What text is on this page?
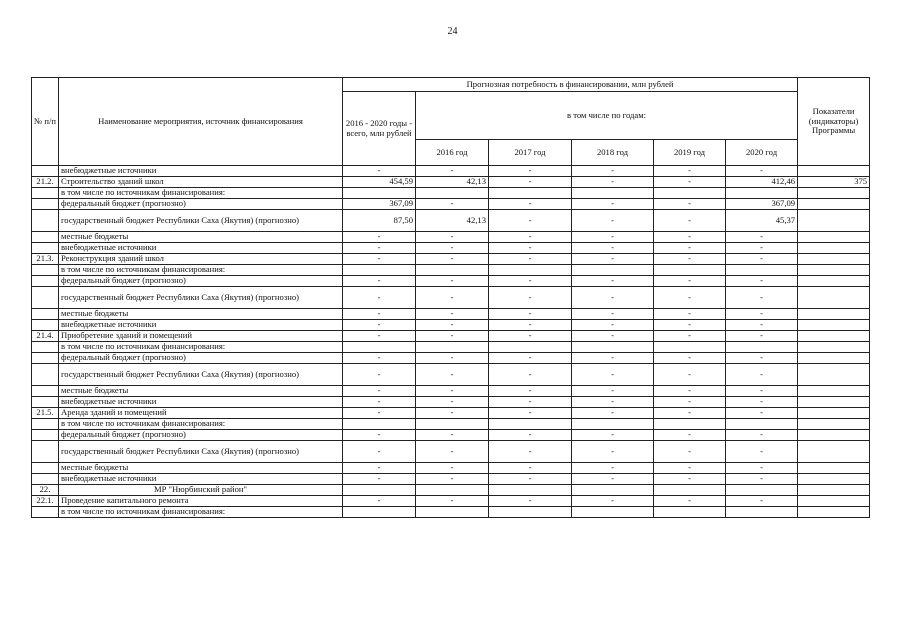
24
№ п/п	Наименование мероприятия, источник финансирования	Прогнозная потребность в финансировании, млн рублей						Показатели (индикаторы) Программы
		2016 - 2020 годы - всего, млн рублей	в том числе по годам:					
			2016 год	2017 год	2018 год	2019 год	2020 год	
	внебюджетные источники	-	-	-	-	-	-	
21.2.	Строительство зданий школ	454,59	42,13	-	-	-	412,46	375
	в том числе по источникам финансирования:							
	федеральный бюджет (прогнозно)	367,09	-	-	-	-	367,09	
	государственный бюджет Республики Саха (Якутия) (прогнозно)	87,50	42,13	-	-	-	45,37	
	местные бюджеты	-	-	-	-	-	-	
	внебюджетные источники	-	-	-	-	-	-	
21.3.	Реконструкция зданий школ	-	-	-	-	-	-	
	в том числе по источникам финансирования:							
	федеральный бюджет (прогнозно)	-	-	-	-	-	-	
	государственный бюджет Республики Саха (Якутия) (прогнозно)	-	-	-	-	-	-	
	местные бюджеты	-	-	-	-	-	-	
	внебюджетные источники	-	-	-	-	-	-	
21.4.	Приобретение зданий и помещений	-	-	-	-	-	-	
	в том числе по источникам финансирования:							
	федеральный бюджет (прогнозно)	-	-	-	-	-	-	
	государственный бюджет Республики Саха (Якутия) (прогнозно)	-	-	-	-	-	-	
	местные бюджеты	-	-	-	-	-	-	
	внебюджетные источники	-	-	-	-	-	-	
21.5.	Аренда зданий и помещений	-	-	-	-	-	-	
	в том числе по источникам финансирования:							
	федеральный бюджет (прогнозно)	-	-	-	-	-	-	
	государственный бюджет Республики Саха (Якутия) (прогнозно)	-	-	-	-	-	-	
	местные бюджеты	-	-	-	-	-	-	
	внебюджетные источники	-	-	-	-	-	-	
22.	МР "Нюрбинский район"							
22.1.	Проведение капитального ремонта	-	-	-	-	-	-	
	в том числе по источникам финансирования:							
